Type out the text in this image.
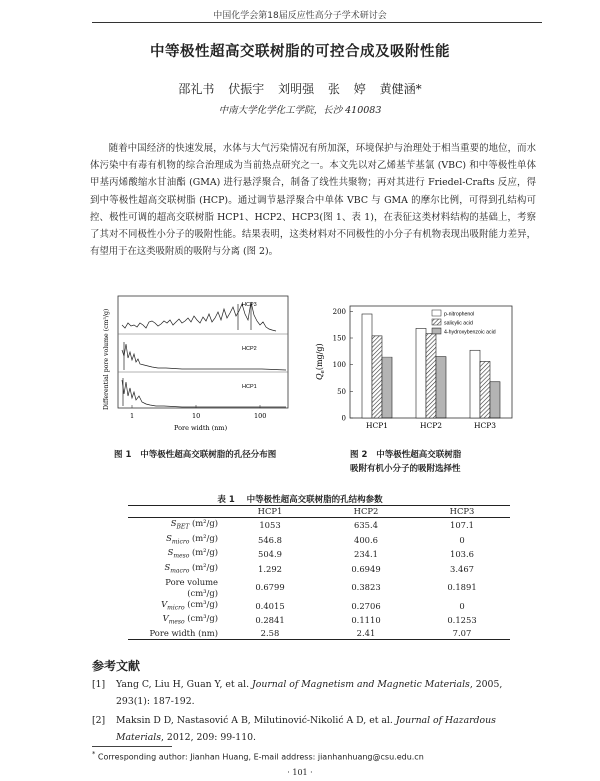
中国化学会第18届反应性高分子学术研讨会
中等极性超高交联树脂的可控合成及吸附性能
邵礼书 伏振宇 刘明强 张 婷 黄健涵*
中南大学化学化工学院，长沙 410083
随着中国经济的快速发展，水体与大气污染情况有所加深，环境保护与治理处于相当重要的地位，而水体污染中有毒有机物的综合治理成为当前热点研究之一。本文先以对乙烯基苄基氯 (VBC) 和中等极性单体甲基丙烯酸缩水甘油酯 (GMA) 进行悬浮聚合，制备了线性共聚物；再对其进行 Friedel-Crafts 反应，得到中等极性超高交联树脂 (HCP)。通过调节悬浮聚合中单体 VBC 与 GMA 的摩尔比例，可得到孔结构可控、极性可调的超高交联树脂 HCP1、HCP2、HCP3(图 1、表 1)，在表征这类材料结构的基础上，考察了其对不同极性小分子的吸附性能。结果表明，这类材料对不同极性的小分子有机物表现出吸附能力差异，有望用于在这类吸附质的吸附与分离 (图 2)。
HCP3
HCP2
HCP1
1	10	100
Pore width (nm)
Differential pore volume (cm³/g)
图 1 中等极性超高交联树脂的孔径分布图
0
50
100
150
200
HCP1	HCP2	HCP3
p-nitrophenol
salicylic acid
4-hydroxybenzoic acid
$Q_e(mg/g)$
图 2 中等极性超高交联树脂
吸附有机小分子的吸附选择性
表 1 中等极性超高交联树脂的孔结构参数
	HCP1	HCP2	HCP3
$S_{BET}$ (m²/g)	1053	635.4	107.1
$S_{micro}$ (m²/g)	546.8	400.6	0
$S_{meso}$ (m²/g)	504.9	234.1	103.6
$S_{macro}$ (m²/g)	1.292	0.6949	3.467
Pore volume (cm³/g)	0.6799	0.3823	0.1891
$V_{micro}$ (cm³/g)	0.4015	0.2706	0
$V_{meso}$ (cm³/g)	0.2841	0.1110	0.1253
Pore width (nm)	2.58	2.41	7.07
参考文献
[1] Yang C, Liu H, Guan Y, et al. Journal of Magnetism and Magnetic Materials, 2005, 293(1): 187-192.
[2] Maksin D D, Nastasović A B, Milutinović-Nikolić A D, et al. Journal of Hazardous Materials, 2012, 209: 99-110.
* Corresponding author: Jianhan Huang, E-mail address: jianhanhuang@csu.edu.cn
· 101 ·
